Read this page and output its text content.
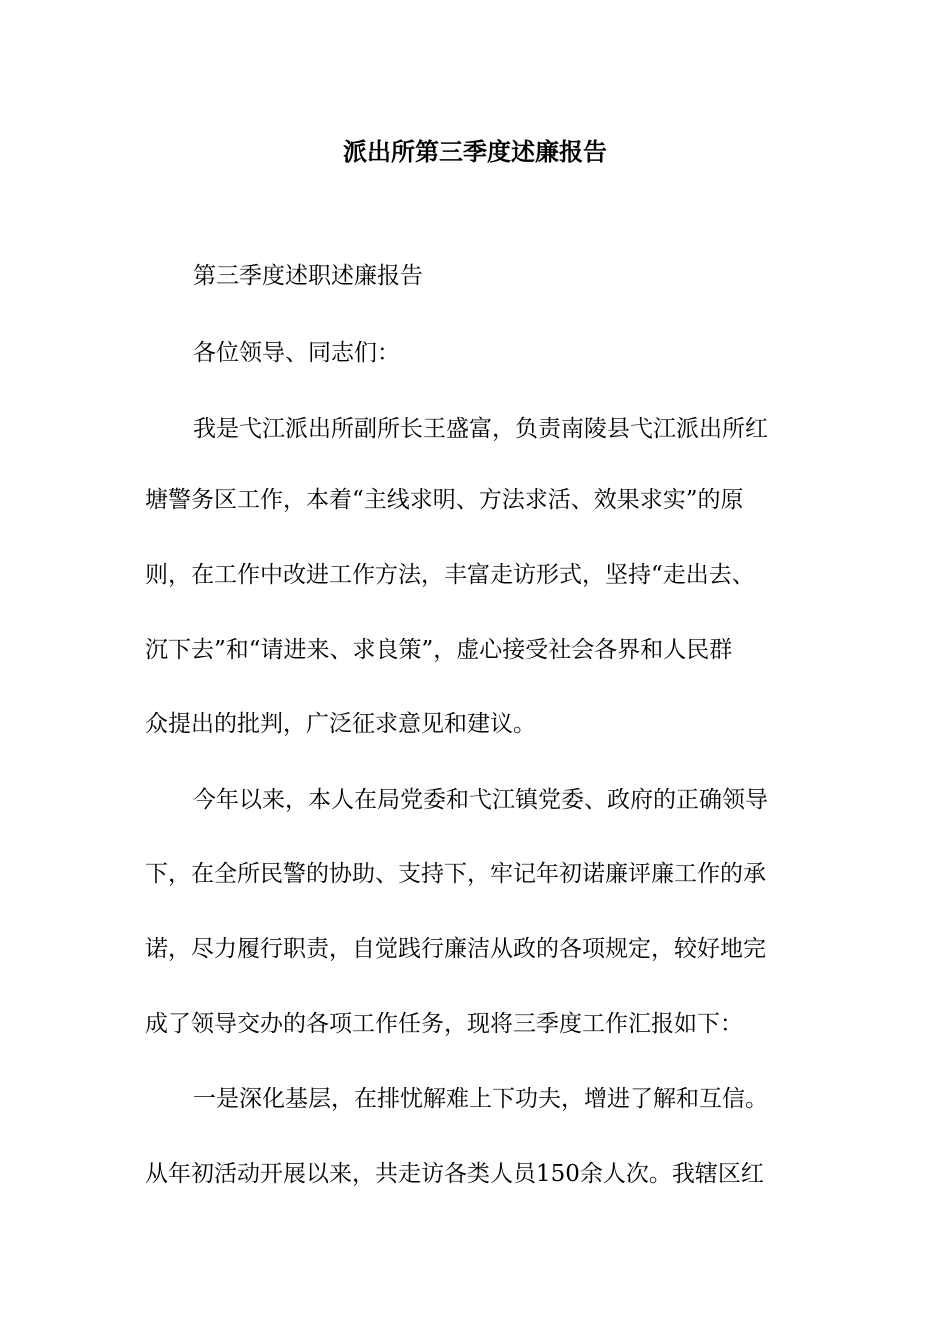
派出所第三季度述廉报告
第三季度述职述廉报告
各位领导、同志们：
我是弋江派出所副所长王盛富，负责南陵县弋江派出所红
塘警务区工作，本着“主线求明、方法求活、效果求实”的原
则，在工作中改进工作方法，丰富走访形式，坚持“走出去、
沉下去”和“请进来、求良策”，虚心接受社会各界和人民群
众提出的批判，广泛征求意见和建议。
今年以来，本人在局党委和弋江镇党委、政府的正确领导
下，在全所民警的协助、支持下，牢记年初诺廉评廉工作的承
诺，尽力履行职责，自觉践行廉洁从政的各项规定，较好地完
成了领导交办的各项工作任务，现将三季度工作汇报如下：
一是深化基层，在排忧解难上下功夫，增进了解和互信。
从年初活动开展以来，共走访各类人员150余人次。我辖区红
